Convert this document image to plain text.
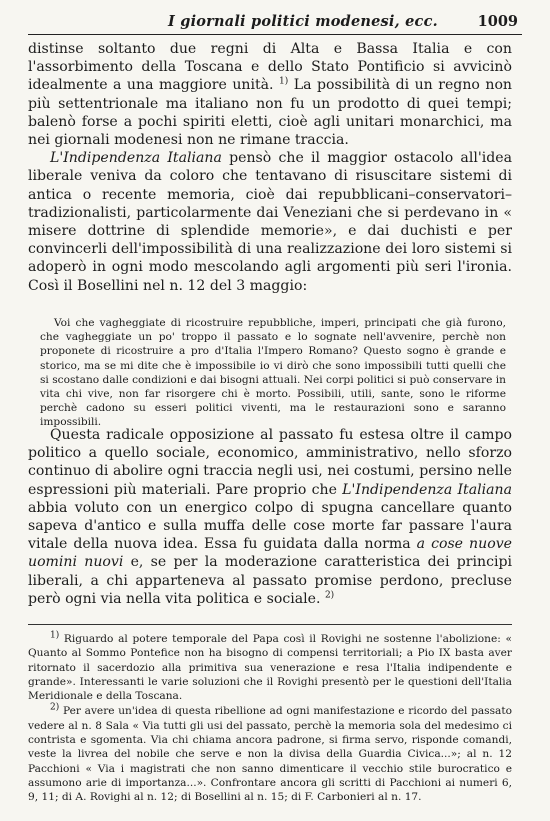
I giornali politici modenesi, ecc.	1009

distinse soltanto due regni di Alta e Bassa Italia e con l'assorbimento della Toscana e dello Stato Pontificio si avvicinò idealmente a una maggiore unità. $^{1)}$ La possibilità di un regno non più settentrionale ma italiano non fu un prodotto di quei tempi; balenò forse a pochi spiriti eletti, cioè agli unitari monarchici, ma nei giornali modenesi non ne rimane traccia.

L'Indipendenza Italiana pensò che il maggior ostacolo all'idea liberale veniva da coloro che tentavano di risuscitare sistemi di antica o recente memoria, cioè dai repubblicani–conservatori–tradizionalisti, particolarmente dai Veneziani che si perdevano in « misere dottrine di splendide memorie», e dai duchisti e per convincerli dell'impossibilità di una realizzazione dei loro sistemi si adoperò in ogni modo mescolando agli argomenti più seri l'ironia. Così il Bosellini nel n. 12 del 3 maggio:

Voi che vagheggiate di ricostruire repubbliche, imperi, principati che già furono, che vagheggiate un po' troppo il passato e lo sognate nell'avvenire, perchè non proponete di ricostruire a pro d'Italia l'Impero Romano? Questo sogno è grande e storico, ma se mi dite che è impossibile io vi dirò che sono impossibili tutti quelli che si scostano dalle condizioni e dai bisogni attuali. Nei corpi politici si può conservare in vita chi vive, non far risorgere chi è morto. Possibili, utili, sante, sono le riforme perchè cadono su esseri politici viventi, ma le restaurazioni sono e saranno impossibili.

Questa radicale opposizione al passato fu estesa oltre il campo politico a quello sociale, economico, amministrativo, nello sforzo continuo di abolire ogni traccia negli usi, nei costumi, persino nelle espressioni più materiali. Pare proprio che L'Indipendenza Italiana abbia voluto con un energico colpo di spugna cancellare quanto sapeva d'antico e sulla muffa delle cose morte far passare l'aura vitale della nuova idea. Essa fu guidata dalla norma a cose nuove uomini nuovi e, se per la moderazione caratteristica dei principi liberali, a chi apparteneva al passato promise perdono, precluse però ogni via nella vita politica e sociale. $^{2)}$

$^{1)}$ Riguardo al potere temporale del Papa così il Rovighi ne sostenne l'abolizione: « Quanto al Sommo Pontefice non ha bisogno di compensi territoriali; a Pio IX basta aver ritornato il sacerdozio alla primitiva sua venerazione e resa l'Italia indipendente e grande». Interessanti le varie soluzioni che il Rovighi presentò per le questioni dell'Italia Meridionale e della Toscana.

$^{2)}$ Per avere un'idea di questa ribellione ad ogni manifestazione e ricordo del passato vedere al n. 8 Sala « Via tutti gli usi del passato, perchè la memoria sola del medesimo ci contrista e sgomenta. Via chi chiama ancora padrone, si firma servo, risponde comandi, veste la livrea del nobile che serve e non la divisa della Guardia Civica...»; al n. 12 Pacchioni « Via i magistrati che non sanno dimenticare il vecchio stile burocratico e assumono arie di importanza...». Confrontare ancora gli scritti di Pacchioni ai numeri 6, 9, 11; di A. Rovighi al n. 12; di Bosellini al n. 15; di F. Carbonieri al n. 17.
